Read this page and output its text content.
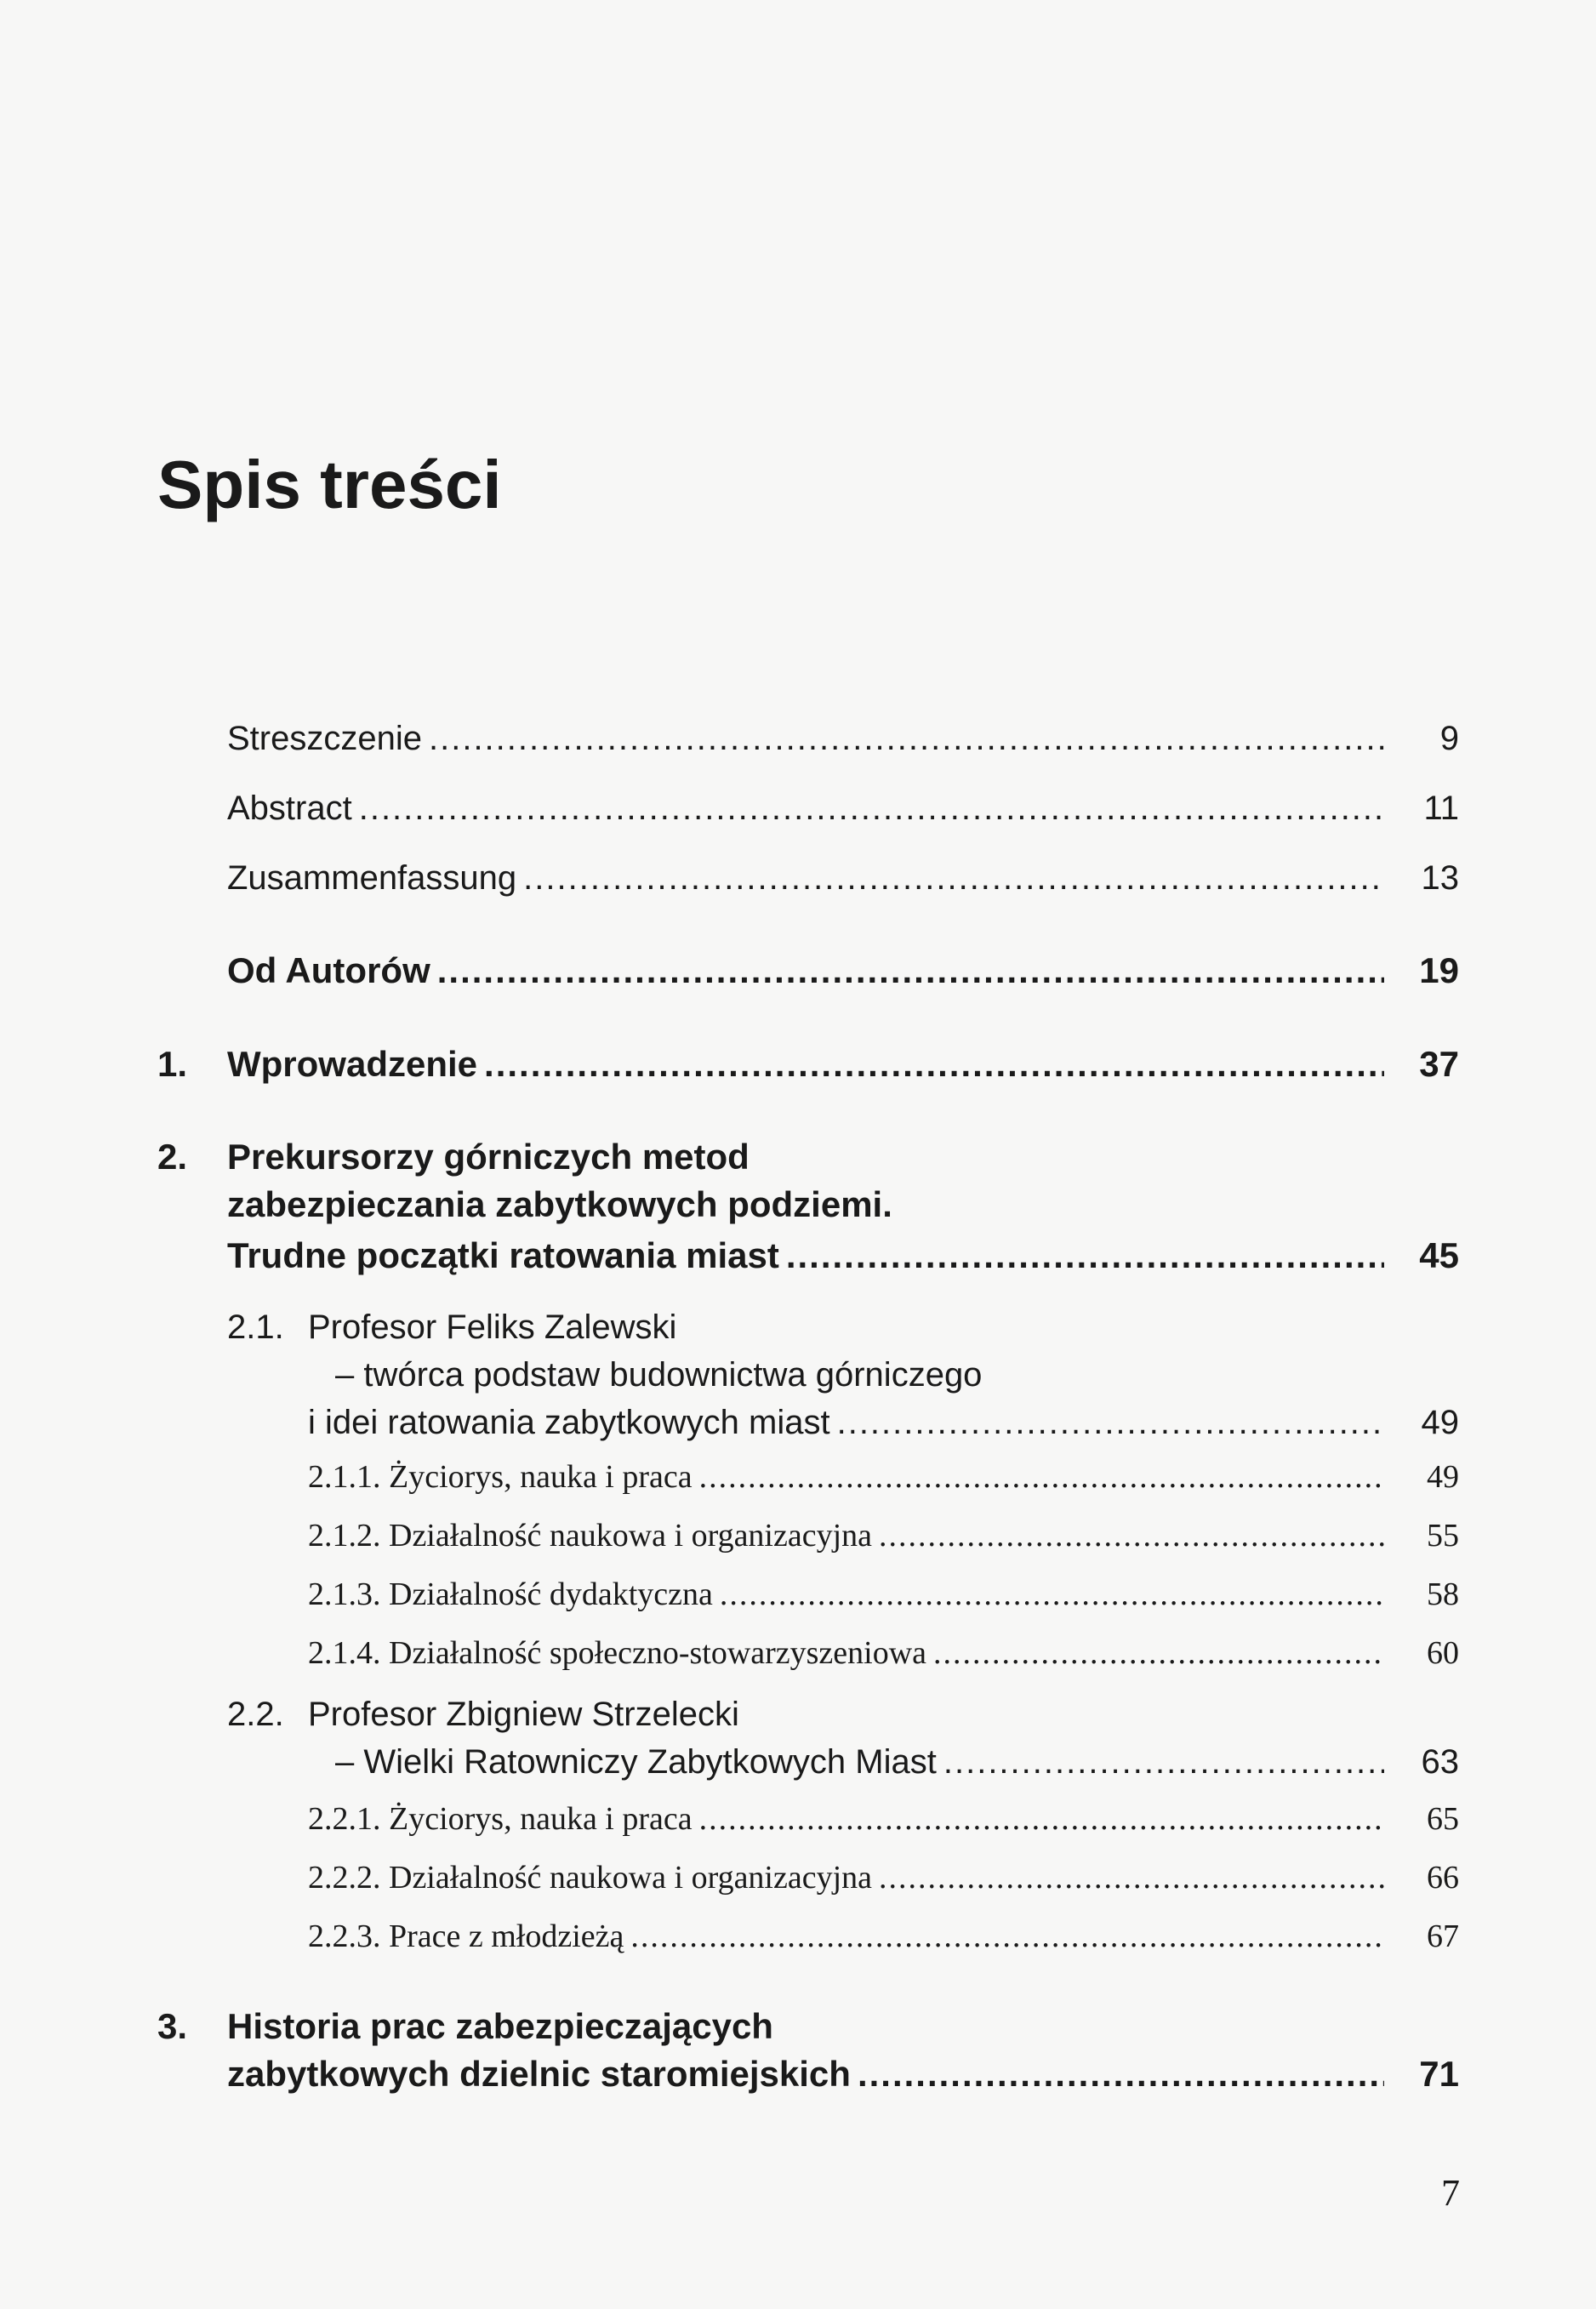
Spis treści
Streszczenie .....	9
Abstract .....	11
Zusammenfassung .....	13
Od Autorów .....	19
1. Wprowadzenie .....	37
2. Prekursorzy górniczych metod
zabezpieczania zabytkowych podziemi.
Trudne początki ratowania miast .....	45
2.1. Profesor Feliks Zalewski
– twórca podstaw budownictwa górniczego
i idei ratowania zabytkowych miast .....	49
2.1.1. Życiorys, nauka i praca .....	49
2.1.2. Działalność naukowa i organizacyjna .....	55
2.1.3. Działalność dydaktyczna .....	58
2.1.4. Działalność społeczno-stowarzyszeniowa .....	60
2.2. Profesor Zbigniew Strzelecki
– Wielki Ratowniczy Zabytkowych Miast .....	63
2.2.1. Życiorys, nauka i praca .....	65
2.2.2. Działalność naukowa i organizacyjna .....	66
2.2.3. Prace z młodzieżą .....	67
3. Historia prac zabezpieczających
zabytkowych dzielnic staromiejskich .....	71
7
